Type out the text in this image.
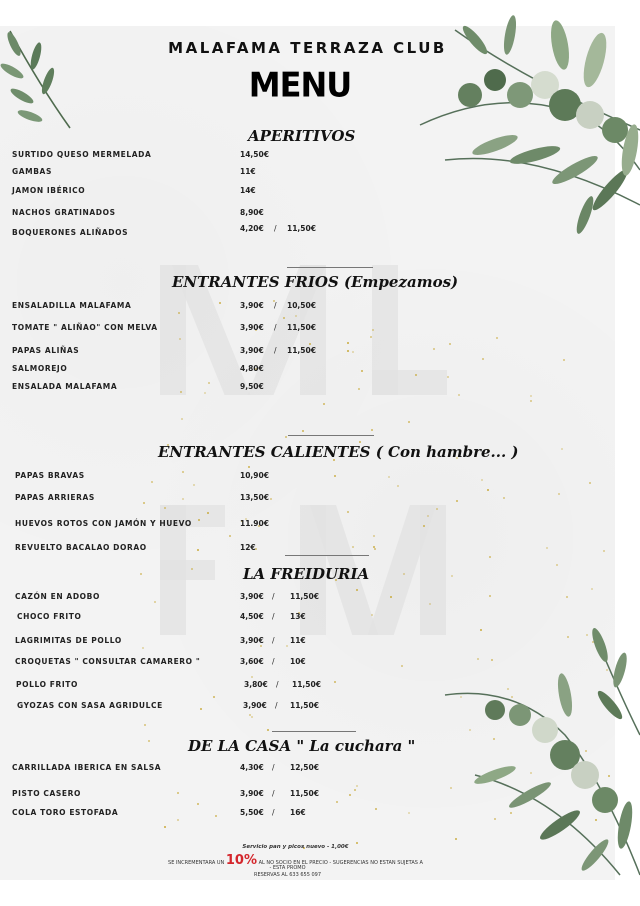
MALAFAMA TERRAZA CLUB
MENU
APERITIVOS
SURTIDO QUESO MERMELADA	14,50€
GAMBAS	11€
JAMON IBÉRICO	14€
NACHOS GRATINADOS	8,90€
BOQUERONES ALIÑADOS	4,20€ / 11,50€
ENTRANTES FRIOS (Empezamos)
ENSALADILLA MALAFAMA	3,90€ / 10,50€
TOMATE " ALIÑAO" CON MELVA	3,90€ / 11,50€
PAPAS ALIÑAS	3,90€ / 11,50€
SALMOREJO	4,80€
ENSALADA MALAFAMA	9,50€
ENTRANTES CALIENTES ( Con hambre... )
PAPAS BRAVAS	10,90€
PAPAS ARRIERAS	13,50€
HUEVOS ROTOS CON JAMÓN Y HUEVO	11.90€
REVUELTO BACALAO DORAO	12€
LA FREIDURIA
CAZÓN EN ADOBO	3,90€ / 11,50€
CHOCO FRITO	4,50€ / 13€
LAGRIMITAS DE POLLO	3,90€ / 11€
CROQUETAS " CONSULTAR CAMARERO "	3,60€ / 10€
POLLO FRITO	3,80€ / 11,50€
GYOZAS CON SASA AGRIDULCE	3,90€ / 11,50€
DE LA CASA " La cuchara "
CARRILLADA IBERICA EN SALSA	4,30€ / 12,50€
PISTO CASERO	3,90€ / 11,50€
COLA TORO ESTOFADA	5,50€ / 16€
Servicio pan y picos nuevo - 1,00€
SE INCREMENTARA UN 10% AL NO SOCIO EN EL PRECIO - SUGERENCIAS NO ESTAN SUJETAS A
- ESTA PROMO
RESERVAS AL 633 655 097
